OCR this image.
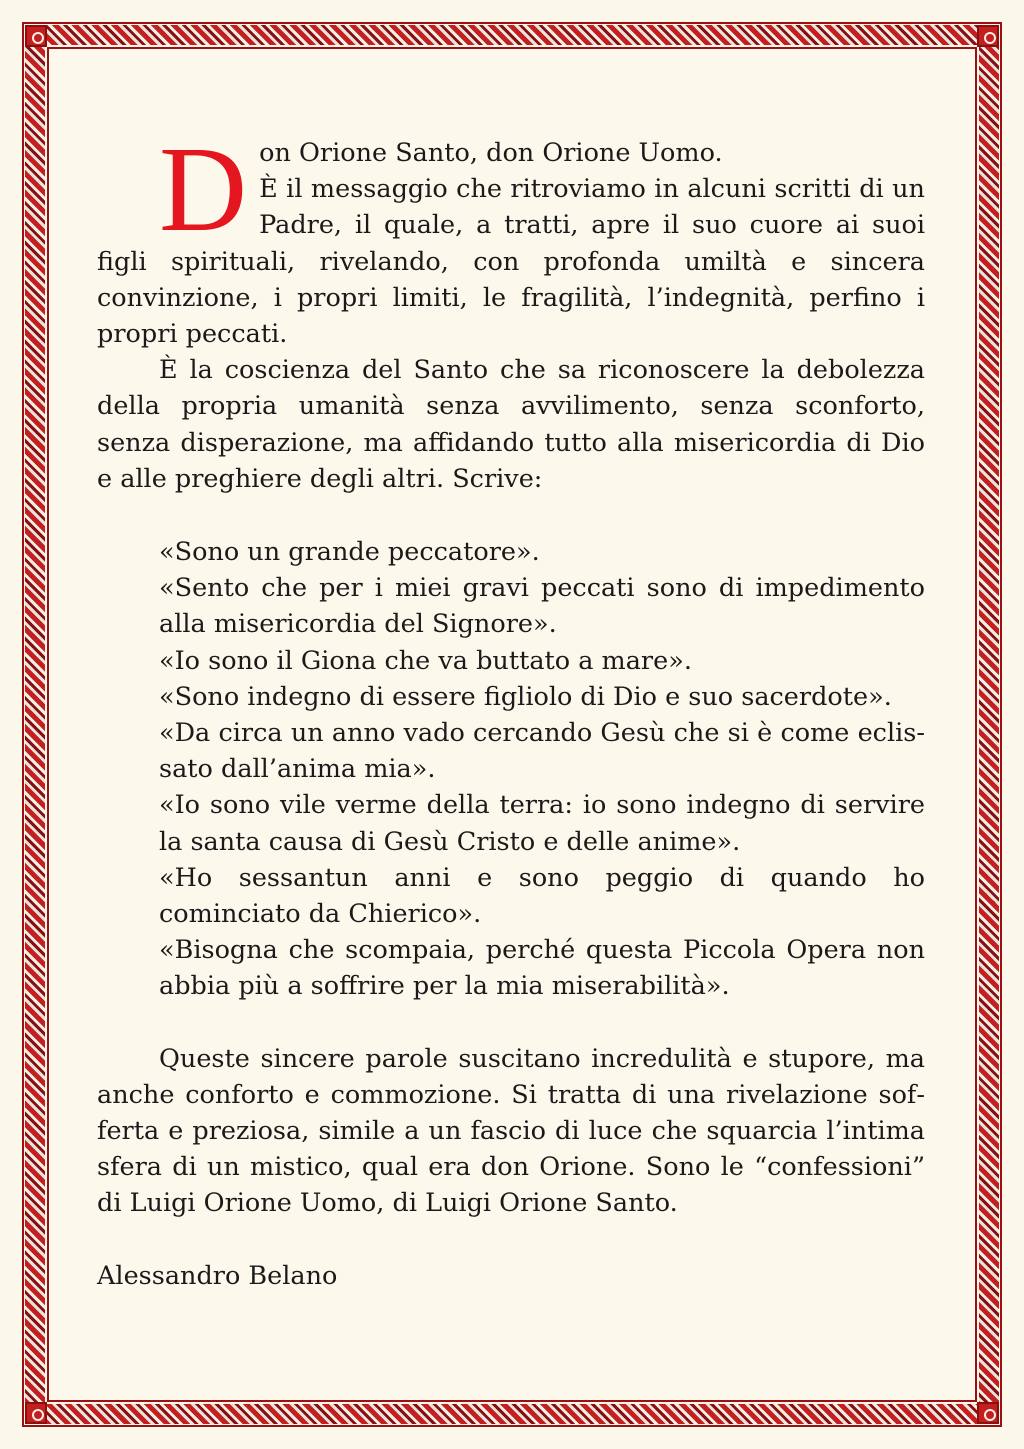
D on Orione Santo, don Orione Uomo.

È il messaggio che ritroviamo in alcuni scritti di un Padre, il quale, a tratti, apre il suo cuore ai suoi figli spirituali, rivelando, con profonda umiltà e sincera convinzione, i propri limiti, le fragilità, l’indegnità, perfino i propri peccati.

È la coscienza del Santo che sa riconoscere la debolezza della propria umanità senza avvilimento, senza sconforto, senza disperazione, ma affidando tutto alla misericordia di Dio e alle preghiere degli altri. Scrive:

«Sono un grande peccatore».

«Sento che per i miei gravi peccati sono di impedimento alla misericordia del Signore».

«Io sono il Giona che va buttato a mare».

«Sono indegno di essere figliolo di Dio e suo sacerdote».

«Da circa un anno vado cercando Gesù che si è come eclissato dall’anima mia».

«Io sono vile verme della terra: io sono indegno di servire la santa causa di Gesù Cristo e delle anime».

«Ho sessantun anni e sono peggio di quando ho cominciato da Chierico».

«Bisogna che scompaia, perché questa Piccola Opera non abbia più a soffrire per la mia miserabilità».

Queste sincere parole suscitano incredulità e stupore, ma anche conforto e commozione. Si tratta di una rivelazione sofferta e preziosa, simile a un fascio di luce che squarcia l’intima sfera di un mistico, qual era don Orione. Sono le “confessioni” di Luigi Orione Uomo, di Luigi Orione Santo.

Alessandro Belano
